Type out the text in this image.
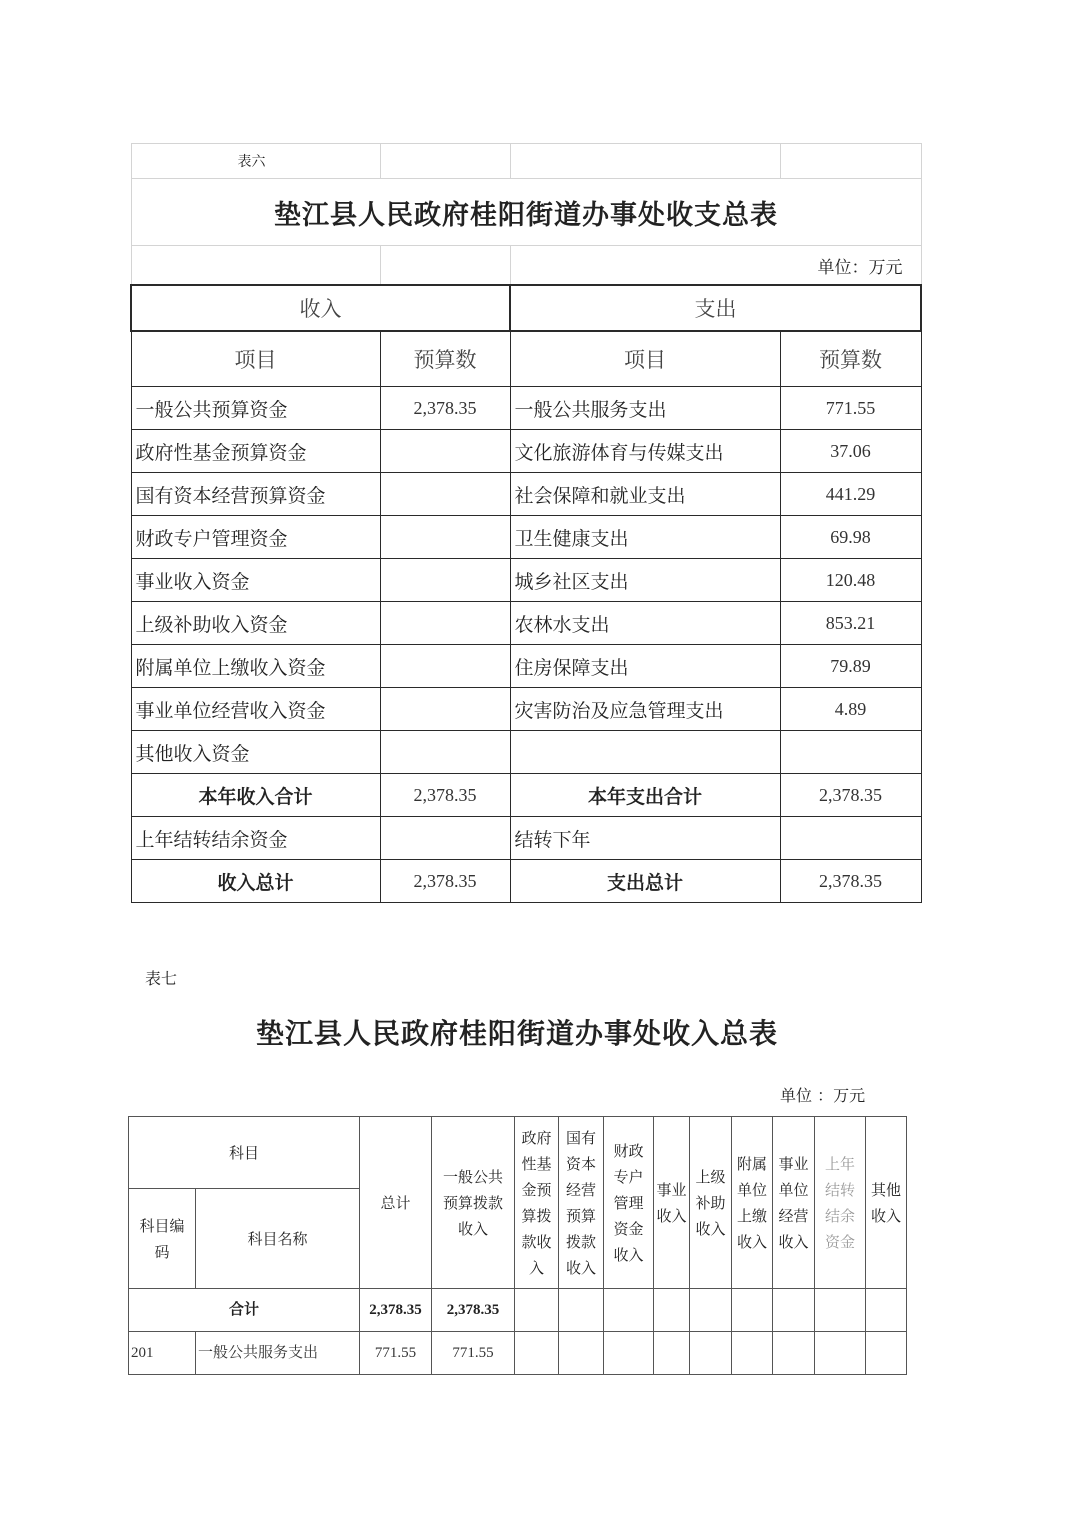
表六			
垫江县人民政府桂阳街道办事处收支总表			
		单位：万元	
收入		支出	
项目	预算数	项目	预算数
一般公共预算资金	2,378.35	一般公共服务支出	771.55
政府性基金预算资金		文化旅游体育与传媒支出	37.06
国有资本经营预算资金		社会保障和就业支出	441.29
财政专户管理资金		卫生健康支出	69.98
事业收入资金		城乡社区支出	120.48
上级补助收入资金		农林水支出	853.21
附属单位上缴收入资金		住房保障支出	79.89
事业单位经营收入资金		灾害防治及应急管理支出	4.89
其他收入资金			
本年收入合计	2,378.35	本年支出合计	2,378.35
上年结转结余资金		结转下年	
收入总计	2,378.35	支出总计	2,378.35
表七
垫江县人民政府桂阳街道办事处收入总表
单位 ：万元
科目		总计	一般公共预算拨款收入	政府性基金预算拨款收入	国有资本经营预算拨款收入	财政专户管理资金收入	事业收入	上级补助收入	附属单位上缴收入	事业单位经营收入	上年结转结余资金	其他收入
科目编码	科目名称											
合计		2,378.35	2,378.35									
201	一般公共服务支出	771.55	771.55									
